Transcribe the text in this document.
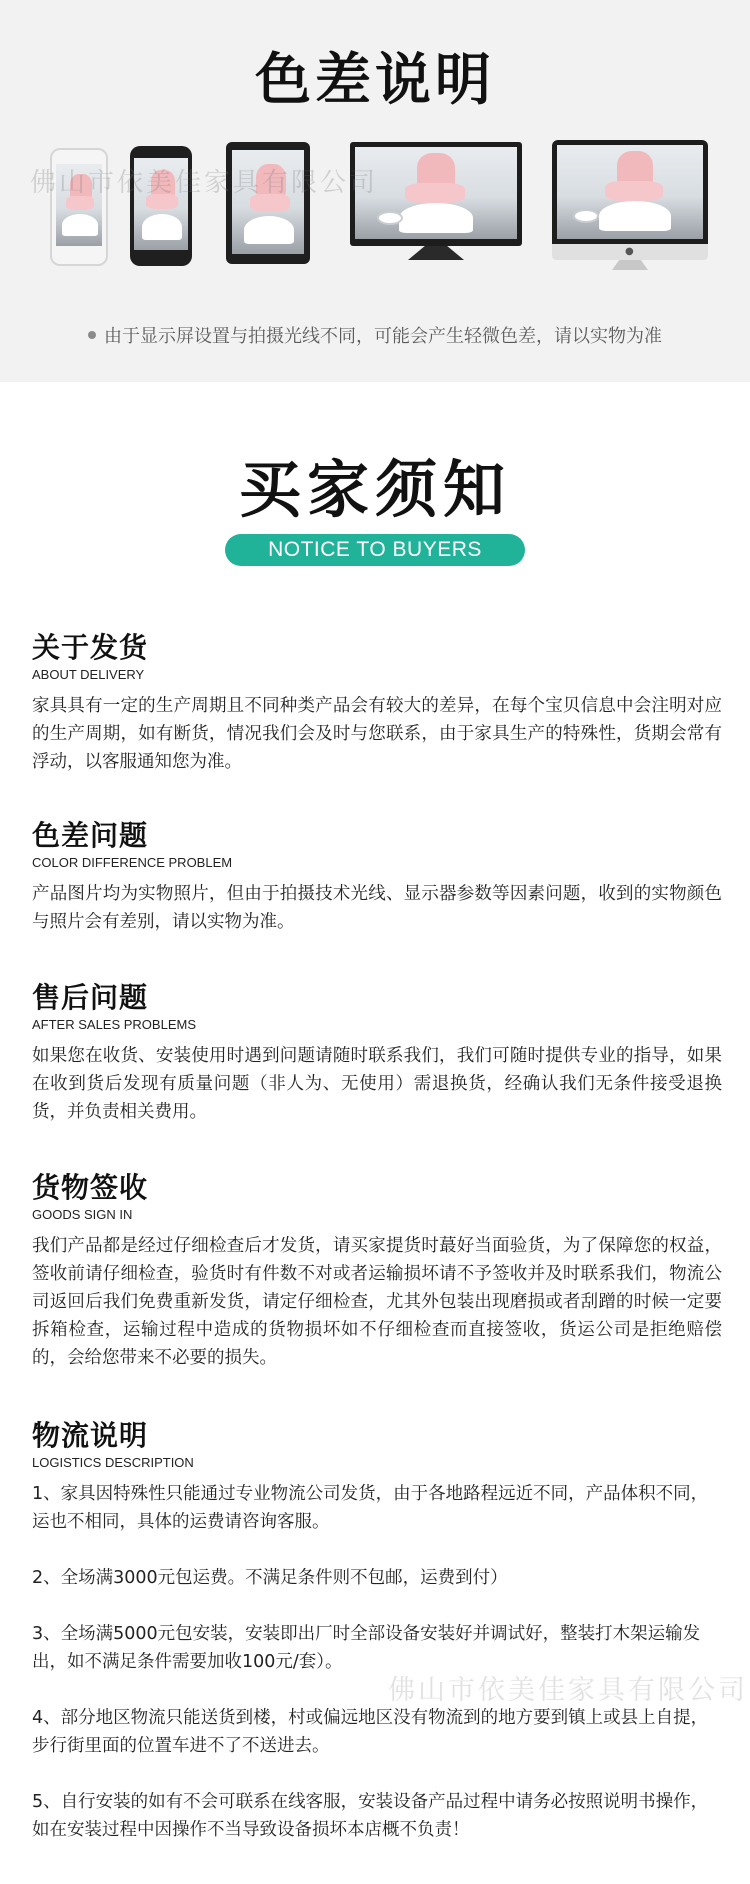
色差说明
●
佛山市依美佳家具有限公司
由于显示屏设置与拍摄光线不同，可能会产生轻微色差，请以实物为准
买家须知
NOTICE TO BUYERS
关于发货
ABOUT DELIVERY
家具具有一定的生产周期且不同种类产品会有较大的差异，在每个宝贝信息中会注明对应的生产周期，如有断货，情况我们会及时与您联系，由于家具生产的特殊性，货期会常有浮动，以客服通知您为准。
色差问题
COLOR DIFFERENCE PROBLEM
产品图片均为实物照片，但由于拍摄技术光线、显示器参数等因素问题，收到的实物颜色与照片会有差别，请以实物为准。
售后问题
AFTER SALES PROBLEMS
如果您在收货、安装使用时遇到问题请随时联系我们，我们可随时提供专业的指导，如果在收到货后发现有质量问题（非人为、无使用）需退换货，经确认我们无条件接受退换货，并负责相关费用。
货物签收
GOODS SIGN IN
我们产品都是经过仔细检查后才发货，请买家提货时蕞好当面验货，为了保障您的权益，签收前请仔细检查，验货时有件数不对或者运输损坏请不予签收并及时联系我们，物流公司返回后我们免费重新发货，请定仔细检查，尤其外包装出现磨损或者刮蹭的时候一定要拆箱检查，运输过程中造成的货物损坏如不仔细检查而直接签收，货运公司是拒绝赔偿的，会给您带来不必要的损失。
物流说明
LOGISTICS DESCRIPTION
1、家具因特殊性只能通过专业物流公司发货，由于各地路程远近不同，产品体积不同，运也不相同，具体的运费请咨询客服。
2、全场满3000元包运费。不满足条件则不包邮，运费到付）
3、全场满5000元包安装，安装即出厂时全部设备安装好并调试好，整装打木架运输发出，如不满足条件需要加收100元/套）。
4、部分地区物流只能送货到楼，村或偏远地区没有物流到的地方要到镇上或县上自提，步行街里面的位置车进不了不送进去。
5、自行安装的如有不会可联系在线客服，安装设备产品过程中请务必按照说明书操作，如在安装过程中因操作不当导致设备损坏本店概不负责！
佛山市依美佳家具有限公司
